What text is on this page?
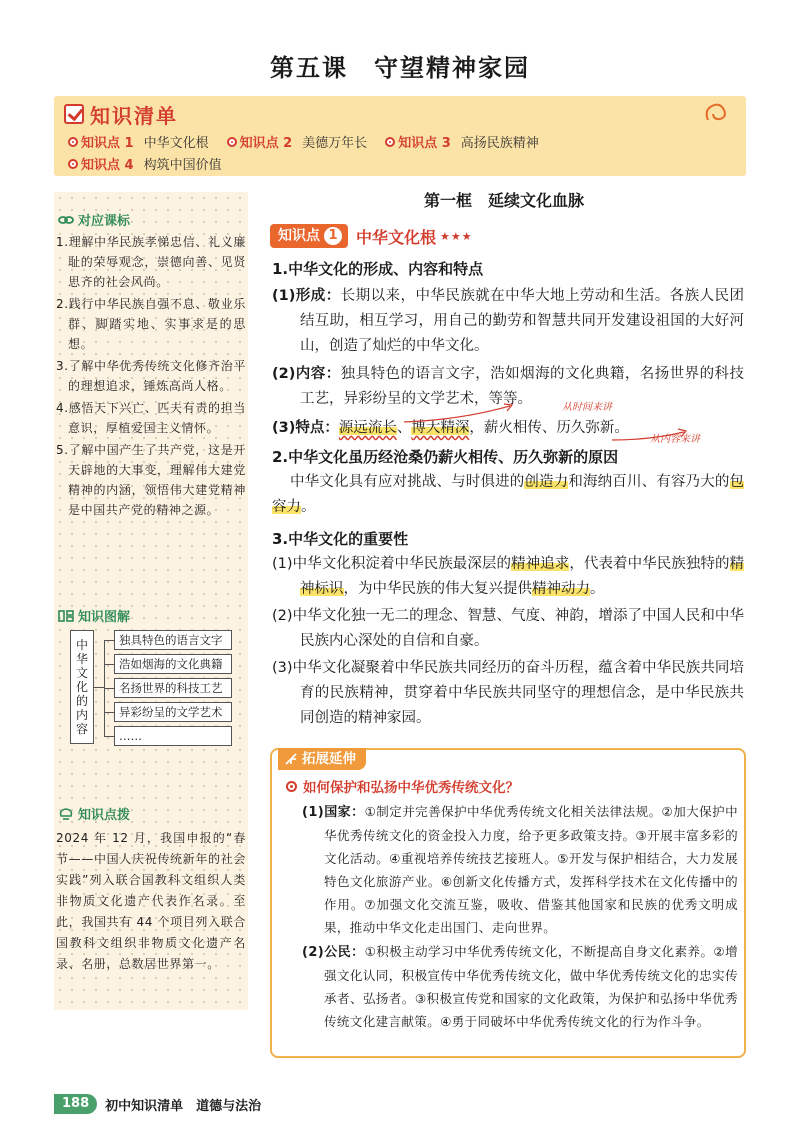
第五课　守望精神家园
知识清单
知识点 1 中华文化根 知识点 2 美德万年长 知识点 3 高扬民族精神
知识点 4 构筑中国价值
对应课标
1.理解中华民族孝悌忠信、礼义廉耻的荣辱观念，崇德向善、见贤思齐的社会风尚。
2.践行中华民族自强不息、敬业乐群、脚踏实地、实事求是的思想。
3.了解中华优秀传统文化修齐治平的理想追求，锤炼高尚人格。
4.感悟天下兴亡、匹夫有责的担当意识，厚植爱国主义情怀。
5.了解中国产生了共产党，这是开天辟地的大事变，理解伟大建党精神的内涵，领悟伟大建党精神是中国共产党的精神之源。
知识图解
中
华
文
化
的
内
容
独具特色的语言文字
浩如烟海的文化典籍
名扬世界的科技工艺
异彩纷呈的文学艺术
……
知识点拨
2024 年 12 月，我国申报的“春节——中国人庆祝传统新年的社会实践”列入联合国教科文组织人类非物质文化遗产代表作名录。至此，我国共有 44 个项目列入联合国教科文组织非物质文化遗产名录、名册，总数居世界第一。
第一框　延续文化血脉
知识点 1 中华文化根 ★★★
1.中华文化的形成、内容和特点
(1)形成：长期以来，中华民族就在中华大地上劳动和生活。各族人民团结互助，相互学习，用自己的勤劳和智慧共同开发建设祖国的大好河山，创造了灿烂的中华文化。
(2)内容：独具特色的语言文字，浩如烟海的文化典籍，名扬世界的科技工艺，异彩纷呈的文学艺术，等等。
(3)特点：源远流长、博大精深，薪火相传、历久弥新。
从时间来讲
从内容来讲
2.中华文化虽历经沧桑仍薪火相传、历久弥新的原因
中华文化具有应对挑战、与时俱进的创造力和海纳百川、有容乃大的包容力。
3.中华文化的重要性
(1)中华文化积淀着中华民族最深层的精神追求，代表着中华民族独特的精神标识，为中华民族的伟大复兴提供精神动力。
(2)中华文化独一无二的理念、智慧、气度、神韵，增添了中国人民和中华民族内心深处的自信和自豪。
(3)中华文化凝聚着中华民族共同经历的奋斗历程，蕴含着中华民族共同培育的民族精神，贯穿着中华民族共同坚守的理想信念，是中华民族共同创造的精神家园。
拓展延伸
如何保护和弘扬中华优秀传统文化？
(1)国家：①制定并完善保护中华优秀传统文化相关法律法规。②加大保护中华优秀传统文化的资金投入力度，给予更多政策支持。③开展丰富多彩的文化活动。④重视培养传统技艺接班人。⑤开发与保护相结合，大力发展特色文化旅游产业。⑥创新文化传播方式，发挥科学技术在文化传播中的作用。⑦加强文化交流互鉴，吸收、借鉴其他国家和民族的优秀文明成果，推动中华文化走出国门、走向世界。
(2)公民：①积极主动学习中华优秀传统文化，不断提高自身文化素养。②增强文化认同，积极宣传中华优秀传统文化，做中华优秀传统文化的忠实传承者、弘扬者。③积极宣传党和国家的文化政策，为保护和弘扬中华优秀传统文化建言献策。④勇于同破坏中华优秀传统文化的行为作斗争。
188	初中知识清单　道德与法治
